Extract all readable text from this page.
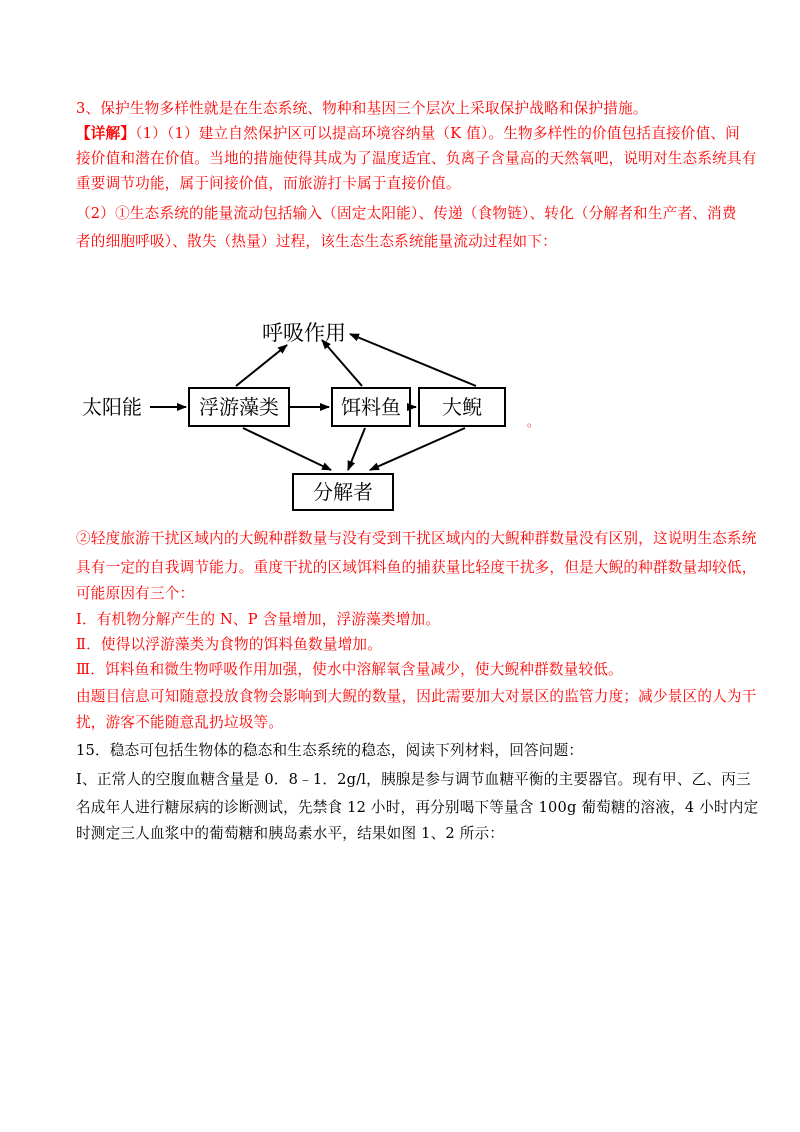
3、保护生物多样性就是在生态系统、物种和基因三个层次上采取保护战略和保护措施。
【详解】（1）（1）建立自然保护区可以提高环境容纳量（K 值）。生物多样性的价值包括直接价值、间
接价值和潜在价值。当地的措施使得其成为了温度适宜、负离子含量高的天然氧吧，说明对生态系统具有
重要调节功能，属于间接价值，而旅游打卡属于直接价值。
（2）①生态系统的能量流动包括输入（固定太阳能）、传递（食物链）、转化（分解者和生产者、消费
者的细胞呼吸）、散失（热量）过程，该生态生态系统能量流动过程如下：
太阳能
呼吸作用
浮游藻类	饵料鱼 大鲵
分解者
。
②轻度旅游干扰区域内的大鲵种群数量与没有受到干扰区域内的大鲵种群数量没有区别，这说明生态系统
具有一定的自我调节能力。重度干扰的区域饵料鱼的捕获量比轻度干扰多，但是大鲵的种群数量却较低，
可能原因有三个：
I．有机物分解产生的 N、P 含量增加，浮游藻类增加。
Ⅱ．使得以浮游藻类为食物的饵料鱼数量增加。
Ⅲ．饵料鱼和微生物呼吸作用加强，使水中溶解氧含量减少，使大鲵种群数量较低。
由题目信息可知随意投放食物会影响到大鲵的数量，因此需要加大对景区的监管力度；减少景区的人为干
扰，游客不能随意乱扔垃圾等。
15．稳态可包括生物体的稳态和生态系统的稳态，阅读下列材料，回答问题：
Ⅰ、正常人的空腹血糖含量是 0．8﹣1．2g/l，胰腺是参与调节血糖平衡的主要器官。现有甲、乙、丙三
名成年人进行糖尿病的诊断测试，先禁食 12 小时，再分别喝下等量含 100g 葡萄糖的溶液，4 小时内定
时测定三人血浆中的葡萄糖和胰岛素水平，结果如图 1、2 所示：
